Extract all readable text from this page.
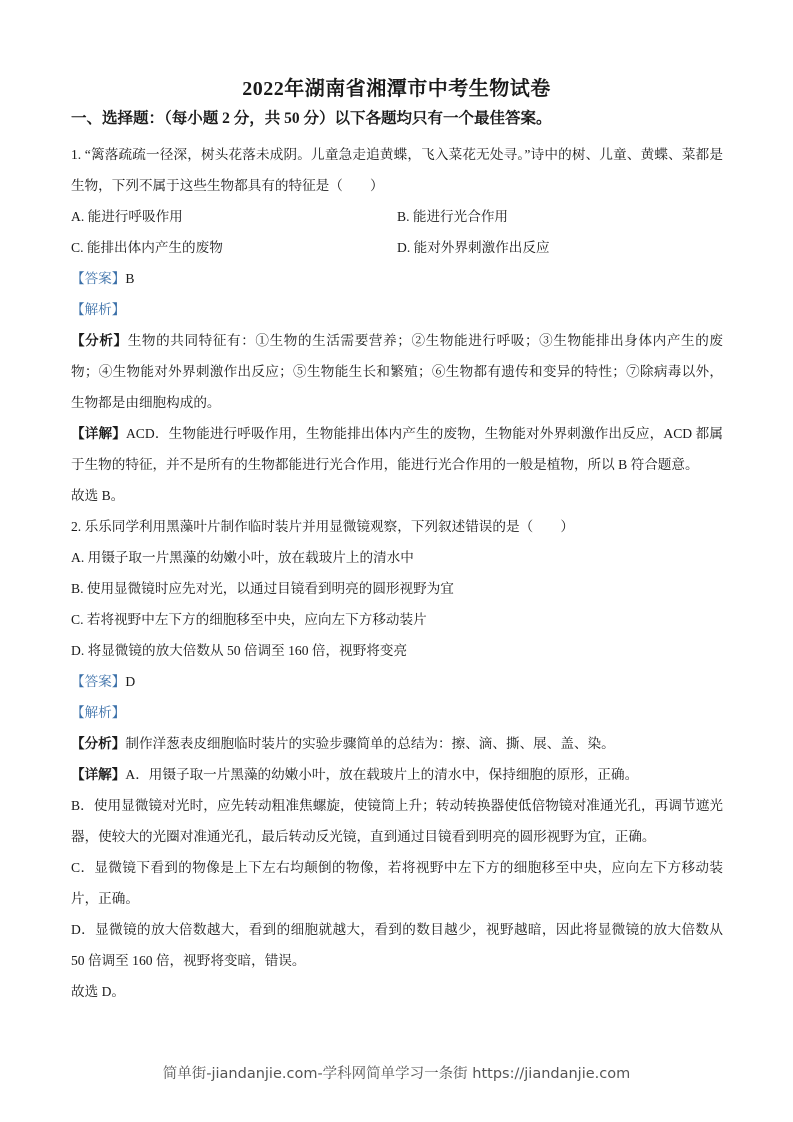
2022年湖南省湘潭市中考生物试卷
一、选择题：（每小题 2 分，共 50 分）以下各题均只有一个最佳答案。
1. “篱落疏疏一径深，树头花落未成阴。儿童急走追黄蝶，飞入菜花无处寻。”诗中的树、儿童、黄蝶、菜都是生物，下列不属于这些生物都具有的特征是（　　）
A. 能进行呼吸作用	B. 能进行光合作用
C. 能排出体内产生的废物	D. 能对外界刺激作出反应
【答案】B
【解析】
【分析】生物的共同特征有：①生物的生活需要营养；②生物能进行呼吸；③生物能排出身体内产生的废物；④生物能对外界刺激作出反应；⑤生物能生长和繁殖；⑥生物都有遗传和变异的特性；⑦除病毒以外，生物都是由细胞构成的。
【详解】ACD．生物能进行呼吸作用，生物能排出体内产生的废物，生物能对外界刺激作出反应，ACD 都属于生物的特征，并不是所有的生物都能进行光合作用，能进行光合作用的一般是植物，所以 B 符合题意。
故选 B。
2. 乐乐同学利用黑藻叶片制作临时装片并用显微镜观察，下列叙述错误的是（　　）
A. 用镊子取一片黑藻的幼嫩小叶，放在载玻片上的清水中
B. 使用显微镜时应先对光，以通过目镜看到明亮的圆形视野为宜
C. 若将视野中左下方的细胞移至中央，应向左下方移动装片
D. 将显微镜的放大倍数从 50 倍调至 160 倍，视野将变亮
【答案】D
【解析】
【分析】制作洋葱表皮细胞临时装片的实验步骤简单的总结为：擦、滴、撕、展、盖、染。
【详解】A．用镊子取一片黑藻的幼嫩小叶，放在载玻片上的清水中，保持细胞的原形，正确。
B．使用显微镜对光时，应先转动粗准焦螺旋，使镜筒上升；转动转换器使低倍物镜对准通光孔，再调节遮光器，使较大的光圈对准通光孔，最后转动反光镜，直到通过目镜看到明亮的圆形视野为宜，正确。
C．显微镜下看到的物像是上下左右均颠倒的物像，若将视野中左下方的细胞移至中央，应向左下方移动装片，正确。
D．显微镜的放大倍数越大，看到的细胞就越大，看到的数目越少，视野越暗，因此将显微镜的放大倍数从 50 倍调至 160 倍，视野将变暗，错误。
故选 D。
简单街-jiandanjie.com-学科网简单学习一条街 https://jiandanjie.com
